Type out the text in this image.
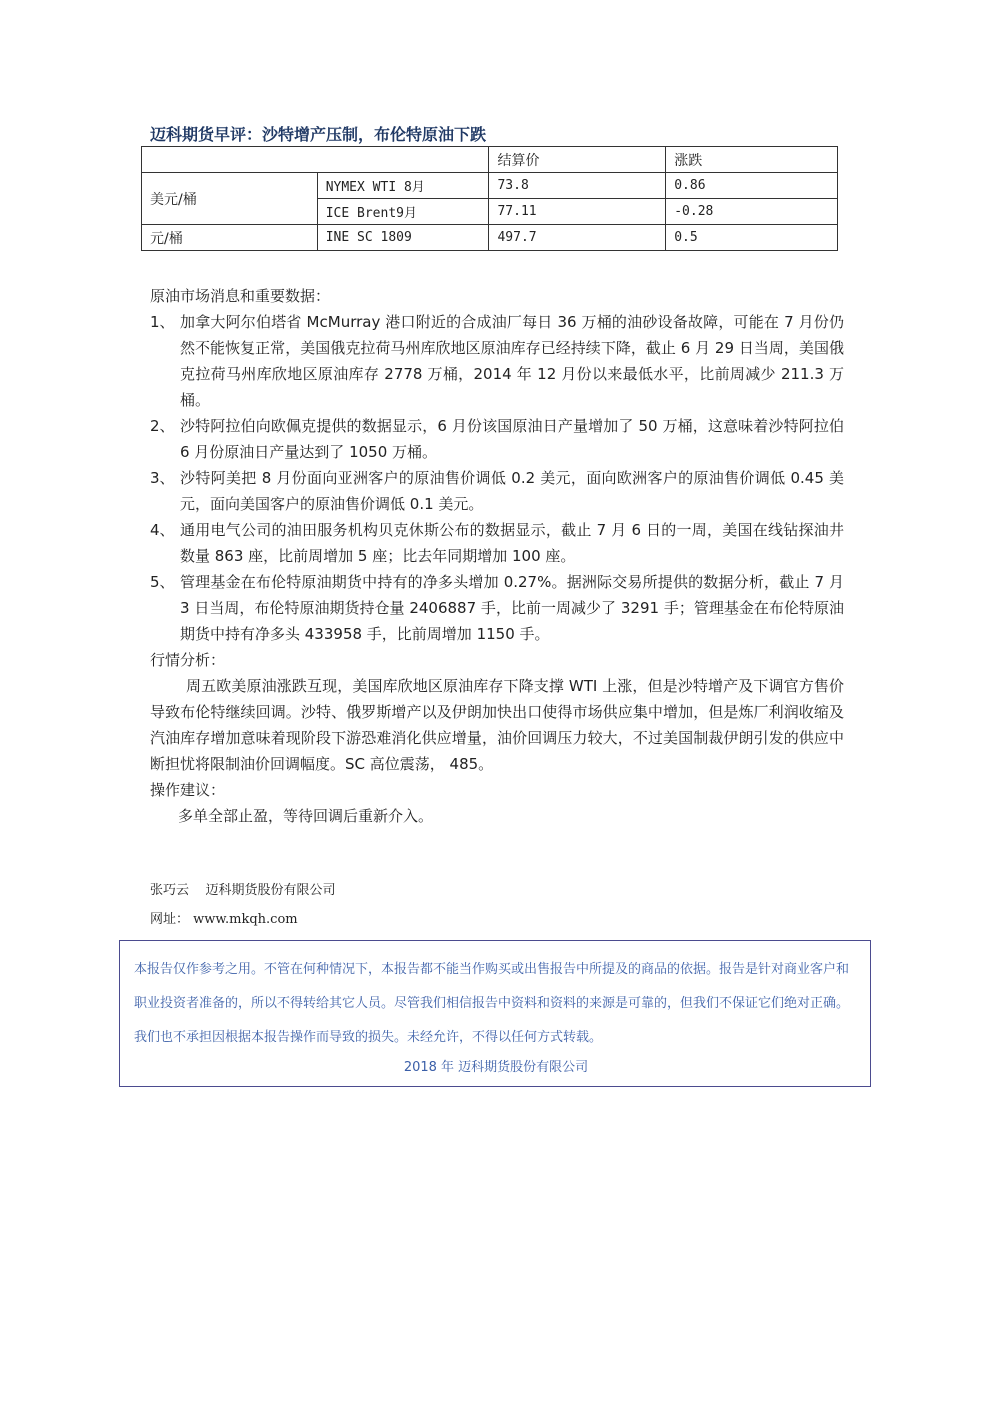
迈科期货早评：沙特增产压制，布伦特原油下跌
		结算价	涨跌
美元/桶	NYMEX WTI 8月	73.8	0.86
	ICE Brent9月	77.11	-0.28
元/桶	INE SC 1809	497.7	0.5

原油市场消息和重要数据：

1、 加拿大阿尔伯塔省 McMurray 港口附近的合成油厂每日 36 万桶的油砂设备故障，可能在 7 月份仍然不能恢复正常，美国俄克拉荷马州库欣地区原油库存已经持续下降，截止 6 月 29 日当周，美国俄克拉荷马州库欣地区原油库存 2778 万桶，2014 年 12 月份以来最低水平，比前周减少 211.3 万桶。
2、 沙特阿拉伯向欧佩克提供的数据显示，6 月份该国原油日产量增加了 50 万桶，这意味着沙特阿拉伯 6 月份原油日产量达到了 1050 万桶。
3、 沙特阿美把 8 月份面向亚洲客户的原油售价调低 0.2 美元，面向欧洲客户的原油售价调低 0.45 美元，面向美国客户的原油售价调低 0.1 美元。
4、 通用电气公司的油田服务机构贝克休斯公布的数据显示，截止 7 月 6 日的一周，美国在线钻探油井数量 863 座，比前周增加 5 座；比去年同期增加 100 座。
5、 管理基金在布伦特原油期货中持有的净多头增加 0.27%。据洲际交易所提供的数据分析，截止 7 月 3 日当周，布伦特原油期货持仓量 2406887 手，比前一周减少了 3291 手；管理基金在布伦特原油期货中持有净多头 433958 手，比前周增加 1150 手。

行情分析：

周五欧美原油涨跌互现，美国库欣地区原油库存下降支撑 WTI 上涨，但是沙特增产及下调官方售价导致布伦特继续回调。沙特、俄罗斯增产以及伊朗加快出口使得市场供应集中增加，但是炼厂利润收缩及汽油库存增加意味着现阶段下游恐难消化供应增量，油价回调压力较大，不过美国制裁伊朗引发的供应中断担忧将限制油价回调幅度。SC 高位震荡， 485。

操作建议：

多单全部止盈，等待回调后重新介入。

张巧云    迈科期货股份有限公司
网址： www.mkqh.com

本报告仅作参考之用。不管在何种情况下，本报告都不能当作购买或出售报告中所提及的商品的依据。报告是针对商业客户和职业投资者准备的，所以不得转给其它人员。尽管我们相信报告中资料和资料的来源是可靠的，但我们不保证它们绝对正确。我们也不承担因根据本报告操作而导致的损失。未经允许，不得以任何方式转载。

2018 年 迈科期货股份有限公司
